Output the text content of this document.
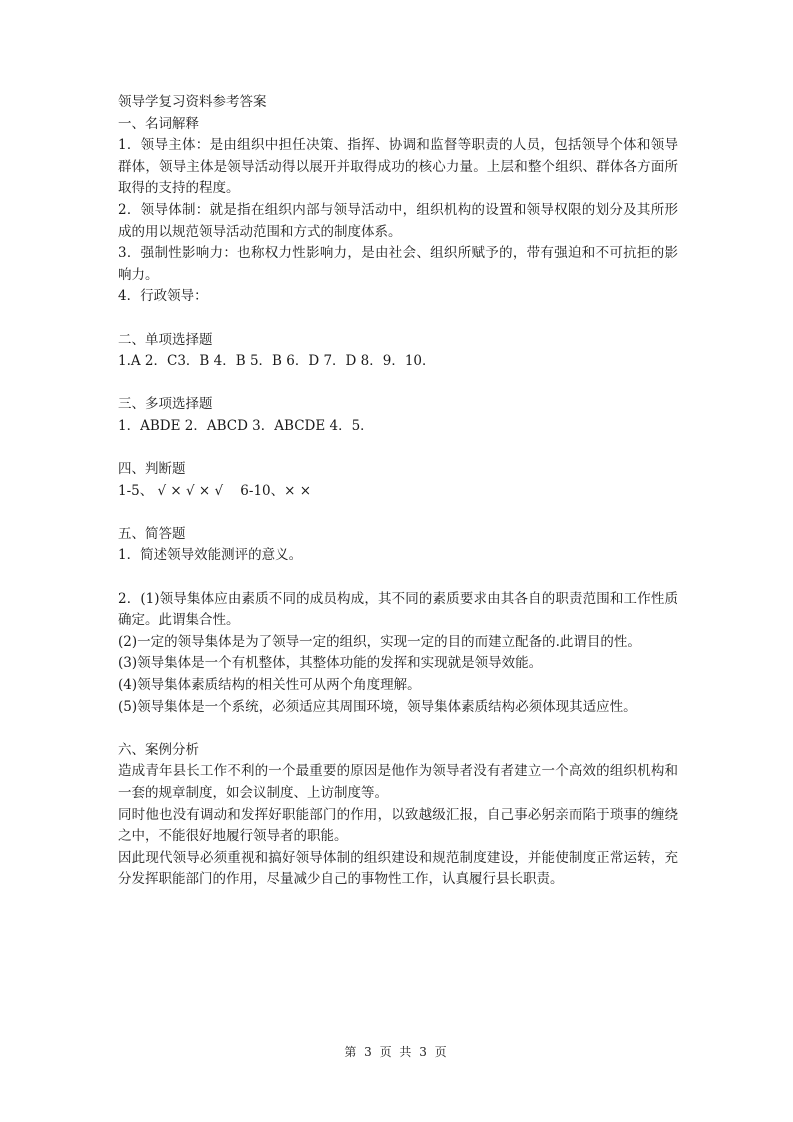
领导学复习资料参考答案

一、名词解释

1．领导主体：是由组织中担任决策、指挥、协调和监督等职责的人员，包括领导个体和领导群体，领导主体是领导活动得以展开并取得成功的核心力量。上层和整个组织、群体各方面所取得的支持的程度。

2．领导体制：就是指在组织内部与领导活动中，组织机构的设置和领导权限的划分及其所形成的用以规范领导活动范围和方式的制度体系。

3．强制性影响力：也称权力性影响力，是由社会、组织所赋予的，带有强迫和不可抗拒的影响力。

4．行政领导：

二、单项选择题

1.A 2．C3．B 4．B 5．B 6．D 7．D 8．9．10．

三、多项选择题

1．ABDE 2．ABCD 3．ABCDE 4．5．

四、判断题

1-5、 √ × √ × √    6-10、× ×

五、简答题

1．简述领导效能测评的意义。

2．(1)领导集体应由素质不同的成员构成，其不同的素质要求由其各自的职责范围和工作性质确定。此谓集合性。

(2)一定的领导集体是为了领导一定的组织，实现一定的目的而建立配备的.此谓目的性。

(3)领导集体是一个有机整体，其整体功能的发挥和实现就是领导效能。

(4)领导集体素质结构的相关性可从两个角度理解。

(5)领导集体是一个系统，必须适应其周围环境，领导集体素质结构必须体现其适应性。

六、案例分析

造成青年县长工作不利的一个最重要的原因是他作为领导者没有者建立一个高效的组织机构和一套的规章制度，如会议制度、上访制度等。

同时他也没有调动和发挥好职能部门的作用，以致越级汇报，自己事必躬亲而陷于琐事的缠绕之中，不能很好地履行领导者的职能。

因此现代领导必须重视和搞好领导体制的组织建设和规范制度建设，并能使制度正常运转，充分发挥职能部门的作用，尽量减少自己的事物性工作，认真履行县长职责。

第 3 页 共 3 页
